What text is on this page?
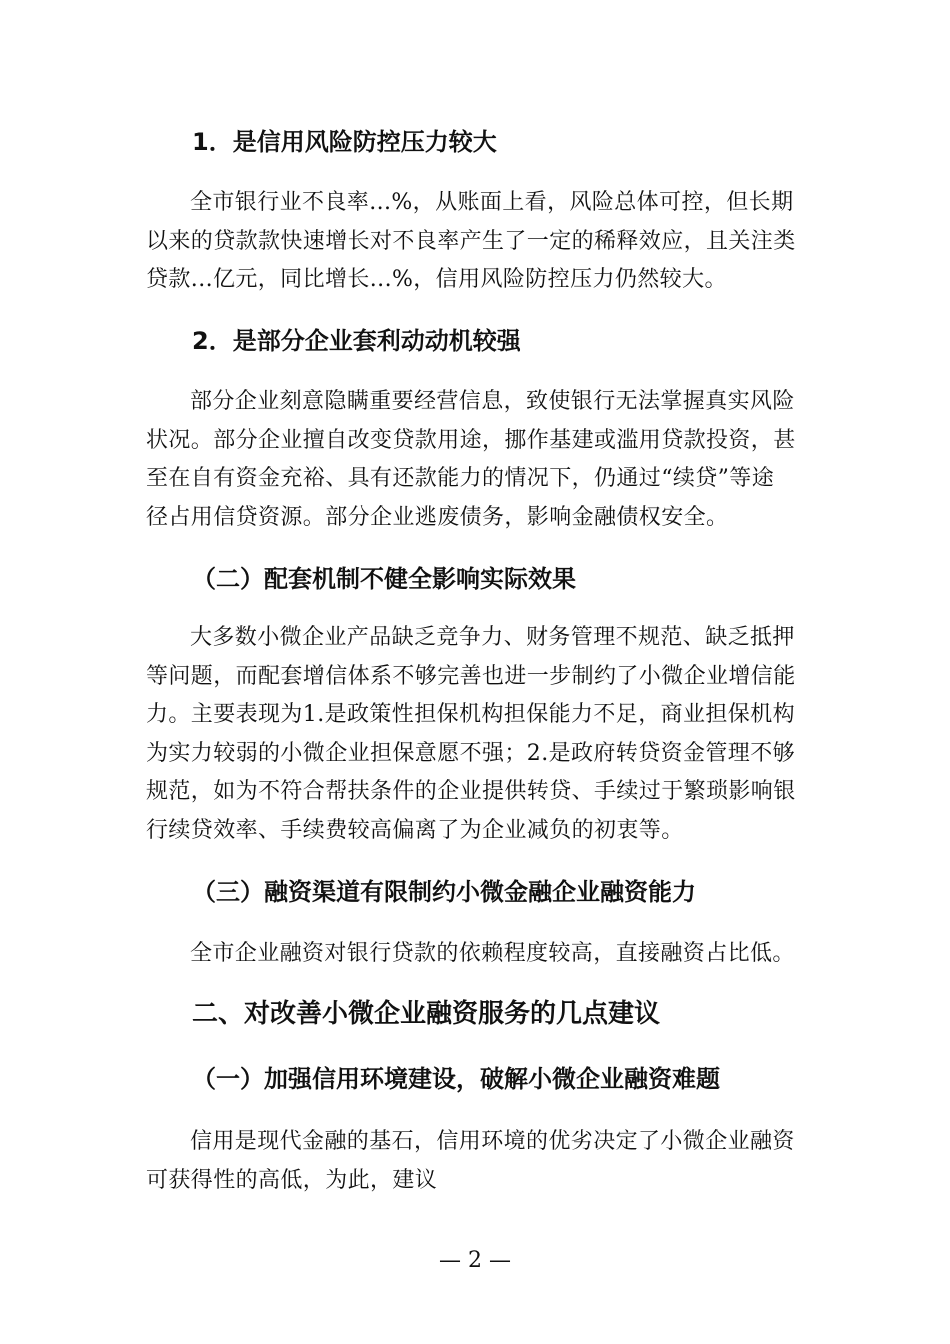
1．是信用风险防控压力较大
全市银行业不良率...%，从账面上看，风险总体可控，但长期
以来的贷款款快速增长对不良率产生了一定的稀释效应，且关注类
贷款...亿元，同比增长...%，信用风险防控压力仍然较大。
2．是部分企业套利动动机较强
部分企业刻意隐瞒重要经营信息，致使银行无法掌握真实风险
状况。部分企业擅自改变贷款用途，挪作基建或滥用贷款投资，甚
至在自有资金充裕、具有还款能力的情况下，仍通过“续贷”等途
径占用信贷资源。部分企业逃废债务，影响金融债权安全。
（二）配套机制不健全影响实际效果
大多数小微企业产品缺乏竞争力、财务管理不规范、缺乏抵押
等问题，而配套增信体系不够完善也进一步制约了小微企业增信能
力。主要表现为1.是政策性担保机构担保能力不足，商业担保机构
为实力较弱的小微企业担保意愿不强；2.是政府转贷资金管理不够
规范，如为不符合帮扶条件的企业提供转贷、手续过于繁琐影响银
行续贷效率、手续费较高偏离了为企业减负的初衷等。
（三）融资渠道有限制约小微金融企业融资能力
全市企业融资对银行贷款的依赖程度较高，直接融资占比低。
二、对改善小微企业融资服务的几点建议
（一）加强信用环境建设，破解小微企业融资难题
信用是现代金融的基石，信用环境的优劣决定了小微企业融资
可获得性的高低，为此，建议
— 2 —
